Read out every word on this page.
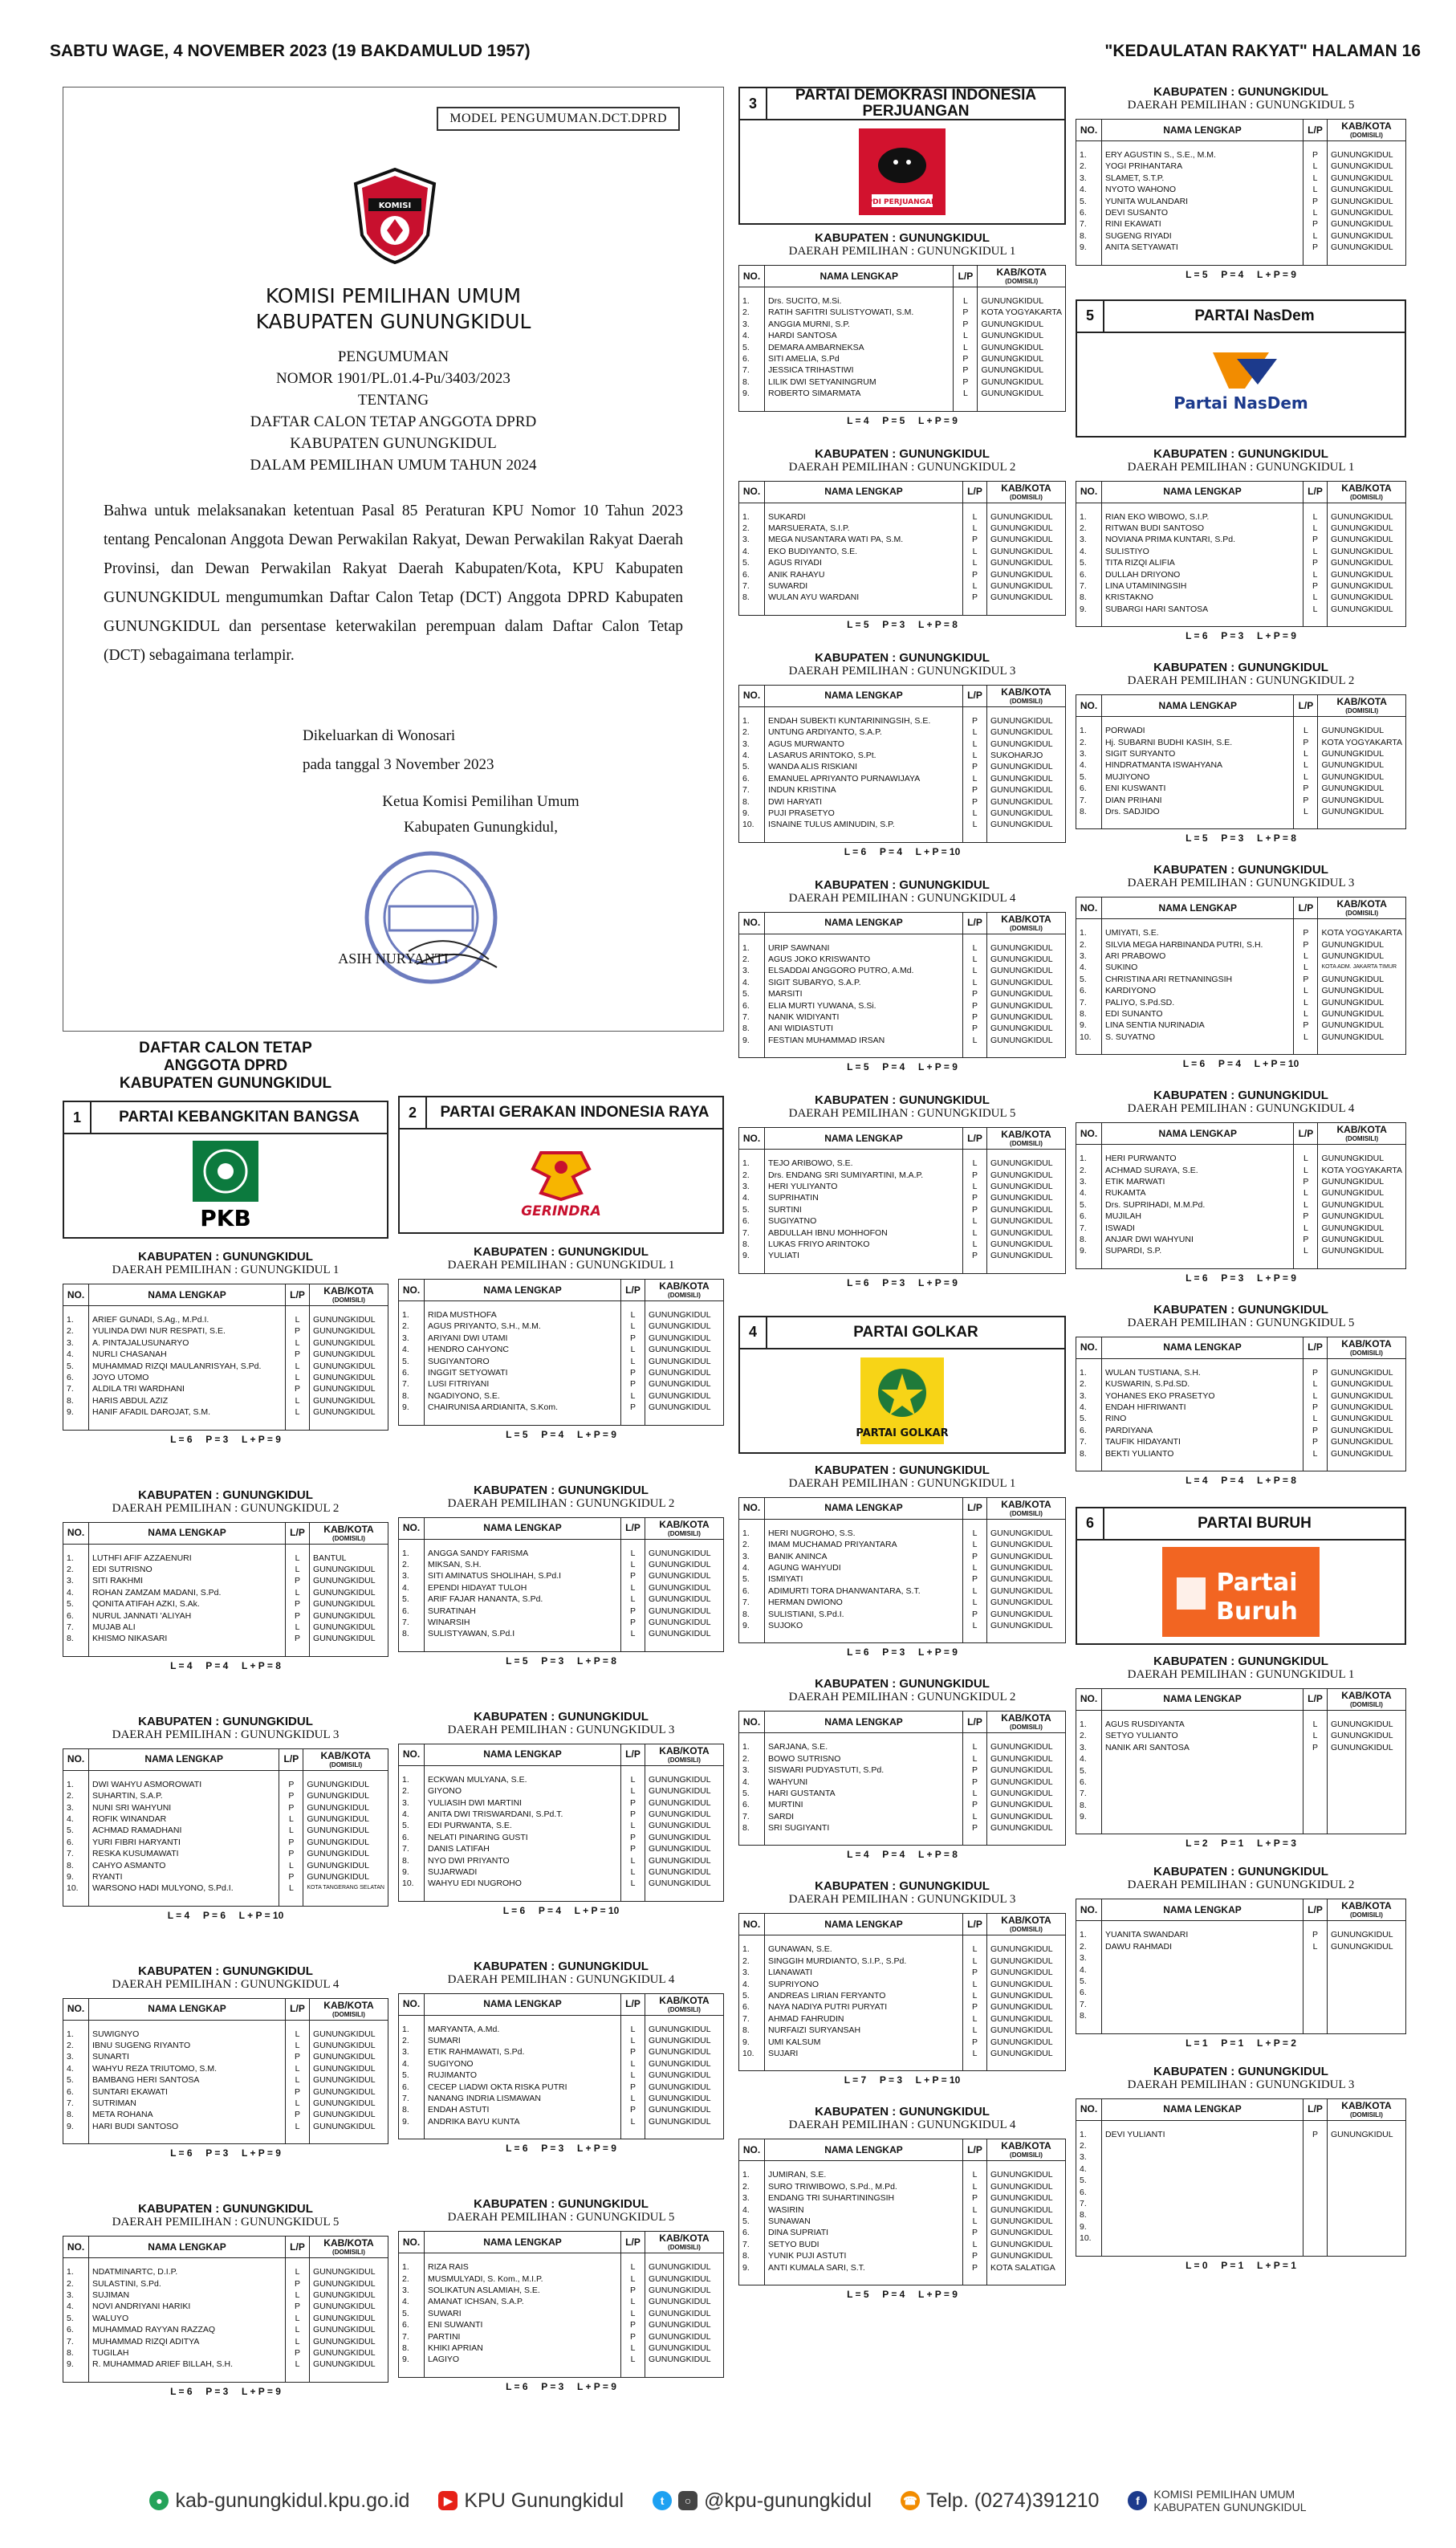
SABTU WAGE, 4 NOVEMBER 2023 (19 BAKDAMULUD 1957)	"KEDAULATAN RAKYAT" HALAMAN 16
MODEL PENGUMUMAN.DCT.DPRD
KOMISI
KOMISI PEMILIHAN UMUM
KABUPATEN GUNUNGKIDUL
PENGUMUMAN
NOMOR 1901/PL.01.4-Pu/3403/2023
TENTANG
DAFTAR CALON TETAP ANGGOTA DPRD
KABUPATEN GUNUNGKIDUL
DALAM PEMILIHAN UMUM TAHUN 2024
Bahwa untuk melaksanakan ketentuan Pasal 85 Peraturan KPU Nomor 10 Tahun 2023 tentang Pencalonan Anggota Dewan Perwakilan Rakyat, Dewan Perwakilan Rakyat Daerah Provinsi, dan Dewan Perwakilan Rakyat Daerah Kabupaten/Kota, KPU Kabupaten GUNUNGKIDUL mengumumkan Daftar Calon Tetap (DCT) Anggota DPRD Kabupaten GUNUNGKIDUL dan persentase keterwakilan perempuan dalam Daftar Calon Tetap (DCT) sebagaimana terlampir.
Dikeluarkan di Wonosari
pada tanggal 3 November 2023
Ketua Komisi Pemilihan Umum
Kabupaten Gunungkidul,
ASIH NURYANTI
DAFTAR CALON TETAP
ANGGOTA DPRD
KABUPATEN GUNUNGKIDUL
1	PARTAI KEBANGKITAN BANGSA
PKB
KABUPATEN : GUNUNGKIDUL
DAERAH PEMILIHAN : GUNUNGKIDUL 1
NO.	NAMA LENGKAP	L/P	KAB/KOTA
(DOMISILI)

1.	ARIEF GUNADI, S.Ag., M.Pd.I.	L	GUNUNGKIDUL
2.	YULINDA DWI NUR RESPATI, S.E.	P	GUNUNGKIDUL
3.	A. PINTAJALUSUNARYO	L	GUNUNGKIDUL
4.	NURLI CHASANAH	P	GUNUNGKIDUL
5.	MUHAMMAD RIZQI MAULANRISYAH, S.Pd.	L	GUNUNGKIDUL
6.	JOYO UTOMO	L	GUNUNGKIDUL
7.	ALDILA TRI WARDHANI	P	GUNUNGKIDUL
8.	HARIS ABDUL AZIZ	L	GUNUNGKIDUL
9.	HANIF AFADIL DAROJAT, S.M.	L	GUNUNGKIDUL

L = 6     P = 3     L + P = 9
KABUPATEN : GUNUNGKIDUL
DAERAH PEMILIHAN : GUNUNGKIDUL 2
NO.	NAMA LENGKAP	L/P	KAB/KOTA
(DOMISILI)

1.	LUTHFI AFIF AZZAENURI	L	BANTUL
2.	EDI SUTRISNO	L	GUNUNGKIDUL
3.	SITI RAKHMI	P	GUNUNGKIDUL
4.	ROHAN ZAMZAM MADANI, S.Pd.	L	GUNUNGKIDUL
5.	QONITA ATIFAH AZKI, S.Ak.	P	GUNUNGKIDUL
6.	NURUL JANNATI 'ALIYAH	P	GUNUNGKIDUL
7.	MUJAB ALI	L	GUNUNGKIDUL
8.	KHISMO NIKASARI	P	GUNUNGKIDUL

L = 4     P = 4     L + P = 8
KABUPATEN : GUNUNGKIDUL
DAERAH PEMILIHAN : GUNUNGKIDUL 3
NO.	NAMA LENGKAP	L/P	KAB/KOTA
(DOMISILI)

1.	DWI WAHYU ASMOROWATI	P	GUNUNGKIDUL
2.	SUHARTIN, S.A.P.	P	GUNUNGKIDUL
3.	NUNI SRI WAHYUNI	P	GUNUNGKIDUL
4.	ROFIK WINANDAR	L	GUNUNGKIDUL
5.	ACHMAD RAMADHANI	L	GUNUNGKIDUL
6.	YURI FIBRI HARYANTI	P	GUNUNGKIDUL
7.	RESKA KUSUMAWATI	P	GUNUNGKIDUL
8.	CAHYO ASMANTO	L	GUNUNGKIDUL
9.	RYANTI	P	GUNUNGKIDUL
10.	WARSONO HADI MULYONO, S.Pd.I.	L	KOTA TANGERANG SELATAN

L = 4     P = 6     L + P = 10
KABUPATEN : GUNUNGKIDUL
DAERAH PEMILIHAN : GUNUNGKIDUL 4
NO.	NAMA LENGKAP	L/P	KAB/KOTA
(DOMISILI)

1.	SUWIGNYO	L	GUNUNGKIDUL
2.	IBNU SUGENG RIYANTO	L	GUNUNGKIDUL
3.	SUNARTI	P	GUNUNGKIDUL
4.	WAHYU REZA TRIUTOMO, S.M.	L	GUNUNGKIDUL
5.	BAMBANG HERI SANTOSA	L	GUNUNGKIDUL
6.	SUNTARI EKAWATI	P	GUNUNGKIDUL
7.	SUTRIMAN	L	GUNUNGKIDUL
8.	META ROHANA	P	GUNUNGKIDUL
9.	HARI BUDI SANTOSO	L	GUNUNGKIDUL

L = 6     P = 3     L + P = 9
KABUPATEN : GUNUNGKIDUL
DAERAH PEMILIHAN : GUNUNGKIDUL 5
NO.	NAMA LENGKAP	L/P	KAB/KOTA
(DOMISILI)

1.	NDATMINARTC, D.I.P.	L	GUNUNGKIDUL
2.	SULASTINI, S.Pd.	P	GUNUNGKIDUL
3.	SUJIMAN	L	GUNUNGKIDUL
4.	NOVI ANDRIYANI HARIKI	P	GUNUNGKIDUL
5.	WALUYO	L	GUNUNGKIDUL
6.	MUHAMMAD RAYYAN RAZZAQ	L	GUNUNGKIDUL
7.	MUHAMMAD RIZQI ADITYA	L	GUNUNGKIDUL
8.	TUGILAH	P	GUNUNGKIDUL
9.	R. MUHAMMAD ARIEF BILLAH, S.H.	L	GUNUNGKIDUL

L = 6     P = 3     L + P = 9
2	PARTAI GERAKAN INDONESIA RAYA
GERINDRA
KABUPATEN : GUNUNGKIDUL
DAERAH PEMILIHAN : GUNUNGKIDUL 1
NO.	NAMA LENGKAP	L/P	KAB/KOTA
(DOMISILI)

1.	RIDA MUSTHOFA	L	GUNUNGKIDUL
2.	AGUS PRIYANTO, S.H., M.M.	L	GUNUNGKIDUL
3.	ARIYANI DWI UTAMI	P	GUNUNGKIDUL
4.	HENDRO CAHYONC	L	GUNUNGKIDUL
5.	SUGIYANTORO	L	GUNUNGKIDUL
6.	INGGIT SETYOWATI	P	GUNUNGKIDUL
7.	LUSI FITRIYANI	P	GUNUNGKIDUL
8.	NGADIYONO, S.E.	L	GUNUNGKIDUL
9.	CHAIRUNISA ARDIANITA, S.Kom.	P	GUNUNGKIDUL

L = 5     P = 4     L + P = 9
KABUPATEN : GUNUNGKIDUL
DAERAH PEMILIHAN : GUNUNGKIDUL 2
NO.	NAMA LENGKAP	L/P	KAB/KOTA
(DOMISILI)

1.	ANGGA SANDY FARISMA	L	GUNUNGKIDUL
2.	MIKSAN, S.H.	L	GUNUNGKIDUL
3.	SITI AMINATUS SHOLIHAH, S.Pd.I	P	GUNUNGKIDUL
4.	EPENDI HIDAYAT TULOH	L	GUNUNGKIDUL
5.	ARIF FAJAR HANANTA, S.Pd.	L	GUNUNGKIDUL
6.	SURATINAH	P	GUNUNGKIDUL
7.	WINARSIH	P	GUNUNGKIDUL
8.	SULISTYAWAN, S.Pd.I	L	GUNUNGKIDUL

L = 5     P = 3     L + P = 8
KABUPATEN : GUNUNGKIDUL
DAERAH PEMILIHAN : GUNUNGKIDUL 3
NO.	NAMA LENGKAP	L/P	KAB/KOTA
(DOMISILI)

1.	ECKWAN MULYANA, S.E.	L	GUNUNGKIDUL
2.	GIYONO	L	GUNUNGKIDUL
3.	YULIASIH DWI MARTINI	P	GUNUNGKIDUL
4.	ANITA DWI TRISWARDANI, S.Pd.T.	P	GUNUNGKIDUL
5.	EDI PURWANTA, S.E.	L	GUNUNGKIDUL
6.	NELATI PINARING GUSTI	P	GUNUNGKIDUL
7.	DANIS LATIFAH	P	GUNUNGKIDUL
8.	NYO DWI PRIYANTO	L	GUNUNGKIDUL
9.	SUJARWADI	L	GUNUNGKIDUL
10.	WAHYU EDI NUGROHO	L	GUNUNGKIDUL

L = 6     P = 4     L + P = 10
KABUPATEN : GUNUNGKIDUL
DAERAH PEMILIHAN : GUNUNGKIDUL 4
NO.	NAMA LENGKAP	L/P	KAB/KOTA
(DOMISILI)

1.	MARYANTA, A.Md.	L	GUNUNGKIDUL
2.	SUMARI	L	GUNUNGKIDUL
3.	ETIK RAHMAWATI, S.Pd.	P	GUNUNGKIDUL
4.	SUGIYONO	L	GUNUNGKIDUL
5.	RUJIMANTO	L	GUNUNGKIDUL
6.	CECEP LIADWI OKTA RISKA PUTRI	P	GUNUNGKIDUL
7.	NANANG INDRIA LISMAWAN	L	GUNUNGKIDUL
8.	ENDAH ASTUTI	P	GUNUNGKIDUL
9.	ANDRIKA BAYU KUNTA	L	GUNUNGKIDUL

L = 6     P = 3     L + P = 9
KABUPATEN : GUNUNGKIDUL
DAERAH PEMILIHAN : GUNUNGKIDUL 5
NO.	NAMA LENGKAP	L/P	KAB/KOTA
(DOMISILI)

1.	RIZA RAIS	L	GUNUNGKIDUL
2.	MUSMULYADI, S. Kom., M.I.P.	L	GUNUNGKIDUL
3.	SOLIKATUN ASLAMIAH, S.E.	P	GUNUNGKIDUL
4.	AMANAT ICHSAN, S.A.P.	L	GUNUNGKIDUL
5.	SUWARI	L	GUNUNGKIDUL
6.	ENI SUWANTI	P	GUNUNGKIDUL
7.	PARTINI	P	GUNUNGKIDUL
8.	KHIKI APRIAN	L	GUNUNGKIDUL
9.	LAGIYO	L	GUNUNGKIDUL

L = 6     P = 3     L + P = 9
3	PARTAI DEMOKRASI INDONESIA PERJUANGAN
PDI PERJUANGAN
KABUPATEN : GUNUNGKIDUL
DAERAH PEMILIHAN : GUNUNGKIDUL 1
NO.	NAMA LENGKAP	L/P	KAB/KOTA
(DOMISILI)

1.	Drs. SUCITO, M.Si.	L	GUNUNGKIDUL
2.	RATIH SAFITRI SULISTYOWATI, S.M.	P	KOTA YOGYAKARTA
3.	ANGGIA MURNI, S.P.	P	GUNUNGKIDUL
4.	HARDI SANTOSA	L	GUNUNGKIDUL
5.	DEMARA AMBARNEKSA	L	GUNUNGKIDUL
6.	SITI AMELIA, S.Pd	P	GUNUNGKIDUL
7.	JESSICA TRIHASTIWI	P	GUNUNGKIDUL
8.	LILIK DWI SETYANINGRUM	P	GUNUNGKIDUL
9.	ROBERTO SIMARMATA	L	GUNUNGKIDUL

L = 4     P = 5     L + P = 9
KABUPATEN : GUNUNGKIDUL
DAERAH PEMILIHAN : GUNUNGKIDUL 2
NO.	NAMA LENGKAP	L/P	KAB/KOTA
(DOMISILI)

1.	SUKARDI	L	GUNUNGKIDUL
2.	MARSUERATA, S.I.P.	L	GUNUNGKIDUL
3.	MEGA NUSANTARA WATI PA, S.M.	P	GUNUNGKIDUL
4.	EKO BUDIYANTO, S.E.	L	GUNUNGKIDUL
5.	AGUS RIYADI	L	GUNUNGKIDUL
6.	ANIK RAHAYU	P	GUNUNGKIDUL
7.	SUWARDI	L	GUNUNGKIDUL
8.	WULAN AYU WARDANI	P	GUNUNGKIDUL

L = 5     P = 3     L + P = 8
KABUPATEN : GUNUNGKIDUL
DAERAH PEMILIHAN : GUNUNGKIDUL 3
NO.	NAMA LENGKAP	L/P	KAB/KOTA
(DOMISILI)

1.	ENDAH SUBEKTI KUNTARININGSIH, S.E.	P	GUNUNGKIDUL
2.	UNTUNG ARDIYANTO, S.A.P.	L	GUNUNGKIDUL
3.	AGUS MURWANTO	L	GUNUNGKIDUL
4.	LASARUS ARINTOKO, S.Pt.	L	SUKOHARJO
5.	WANDA ALIS RISKIANI	P	GUNUNGKIDUL
6.	EMANUEL APRIYANTO PURNAWIJAYA	L	GUNUNGKIDUL
7.	INDUN KRISTINA	P	GUNUNGKIDUL
8.	DWI HARYATI	P	GUNUNGKIDUL
9.	PUJI PRASETYO	L	GUNUNGKIDUL
10.	ISNAINE TULUS AMINUDIN, S.P.	L	GUNUNGKIDUL

L = 6     P = 4     L + P = 10
KABUPATEN : GUNUNGKIDUL
DAERAH PEMILIHAN : GUNUNGKIDUL 4
NO.	NAMA LENGKAP	L/P	KAB/KOTA
(DOMISILI)

1.	URIP SAWNANI	L	GUNUNGKIDUL
2.	AGUS JOKO KRISWANTO	L	GUNUNGKIDUL
3.	ELSADDAI ANGGORO PUTRO, A.Md.	L	GUNUNGKIDUL
4.	SIGIT SUBARYO, S.A.P.	L	GUNUNGKIDUL
5.	MARSITI	P	GUNUNGKIDUL
6.	ELIA MURTI YUWANA, S.Si.	P	GUNUNGKIDUL
7.	NANIK WIDIYANTI	P	GUNUNGKIDUL
8.	ANI WIDIASTUTI	P	GUNUNGKIDUL
9.	FESTIAN MUHAMMAD IRSAN	L	GUNUNGKIDUL

L = 5     P = 4     L + P = 9
KABUPATEN : GUNUNGKIDUL
DAERAH PEMILIHAN : GUNUNGKIDUL 5
NO.	NAMA LENGKAP	L/P	KAB/KOTA
(DOMISILI)

1.	TEJO ARIBOWO, S.E.	L	GUNUNGKIDUL
2.	Drs. ENDANG SRI SUMIYARTINI, M.A.P.	P	GUNUNGKIDUL
3.	HERI YULIYANTO	L	GUNUNGKIDUL
4.	SUPRIHATIN	P	GUNUNGKIDUL
5.	SURTINI	P	GUNUNGKIDUL
6.	SUGIYATNO	L	GUNUNGKIDUL
7.	ABDULLAH IBNU MOHHOFON	L	GUNUNGKIDUL
8.	LUKAS FRIYO ARINTOKO	L	GUNUNGKIDUL
9.	YULIATI	P	GUNUNGKIDUL

L = 6     P = 3     L + P = 9
4	PARTAI GOLKAR
PARTAI GOLKAR
KABUPATEN : GUNUNGKIDUL
DAERAH PEMILIHAN : GUNUNGKIDUL 1
NO.	NAMA LENGKAP	L/P	KAB/KOTA
(DOMISILI)

1.	HERI NUGROHO, S.S.	L	GUNUNGKIDUL
2.	IMAM MUCHAMAD PRIYANTARA	L	GUNUNGKIDUL
3.	BANIK ANINCA	P	GUNUNGKIDUL
4.	AGUNG WAHYUDI	L	GUNUNGKIDUL
5.	ISMIYATI	P	GUNUNGKIDUL
6.	ADIMURTI TORA DHANWANTARA, S.T.	L	GUNUNGKIDUL
7.	HERMAN DWIONO	L	GUNUNGKIDUL
8.	SULISTIANI, S.Pd.I.	P	GUNUNGKIDUL
9.	SUJOKO	L	GUNUNGKIDUL

L = 6     P = 3     L + P = 9
KABUPATEN : GUNUNGKIDUL
DAERAH PEMILIHAN : GUNUNGKIDUL 2
NO.	NAMA LENGKAP	L/P	KAB/KOTA
(DOMISILI)

1.	SARJANA, S.E.	L	GUNUNGKIDUL
2.	BOWO SUTRISNO	L	GUNUNGKIDUL
3.	SISWARI PUDYASTUTI, S.Pd.	P	GUNUNGKIDUL
4.	WAHYUNI	P	GUNUNGKIDUL
5.	HARI GUSTANTA	L	GUNUNGKIDUL
6.	MURTINI	P	GUNUNGKIDUL
7.	SARDI	L	GUNUNGKIDUL
8.	SRI SUGIYANTI	P	GUNUNGKIDUL

L = 4     P = 4     L + P = 8
KABUPATEN : GUNUNGKIDUL
DAERAH PEMILIHAN : GUNUNGKIDUL 3
NO.	NAMA LENGKAP	L/P	KAB/KOTA
(DOMISILI)

1.	GUNAWAN, S.E.	L	GUNUNGKIDUL
2.	SINGGIH MURDIANTO, S.I.P., S.Pd.	L	GUNUNGKIDUL
3.	LIANAWATI	P	GUNUNGKIDUL
4.	SUPRIYONO	L	GUNUNGKIDUL
5.	ANDREAS LIRIAN FERYANTO	L	GUNUNGKIDUL
6.	NAYA NADIYA PUTRI PURYATI	P	GUNUNGKIDUL
7.	AHMAD FAHRUDIN	L	GUNUNGKIDUL
8.	NURFAIZI SURYANSAH	L	GUNUNGKIDUL
9.	UMI KALSUM	P	GUNUNGKIDUL
10.	SUJARI	L	GUNUNGKIDUL

L = 7     P = 3     L + P = 10
KABUPATEN : GUNUNGKIDUL
DAERAH PEMILIHAN : GUNUNGKIDUL 4
NO.	NAMA LENGKAP	L/P	KAB/KOTA
(DOMISILI)

1.	JUMIRAN, S.E.	L	GUNUNGKIDUL
2.	SURO TRIWIBOWO, S.Pd., M.Pd.	L	GUNUNGKIDUL
3.	ENDANG TRI SUHARTININGSIH	P	GUNUNGKIDUL
4.	WASIRIN	L	GUNUNGKIDUL
5.	SUNAWAN	L	GUNUNGKIDUL
6.	DINA SUPRIATI	P	GUNUNGKIDUL
7.	SETYO BUDI	L	GUNUNGKIDUL
8.	YUNIK PUJI ASTUTI	P	GUNUNGKIDUL
9.	ANTI KUMALA SARI, S.T.	P	KOTA SALATIGA

L = 5     P = 4     L + P = 9
KABUPATEN : GUNUNGKIDUL
DAERAH PEMILIHAN : GUNUNGKIDUL 5
NO.	NAMA LENGKAP	L/P	KAB/KOTA
(DOMISILI)

1.	ERY AGUSTIN S., S.E., M.M.	P	GUNUNGKIDUL
2.	YOGI PRIHANTARA	L	GUNUNGKIDUL
3.	SLAMET, S.T.P.	L	GUNUNGKIDUL
4.	NYOTO WAHONO	L	GUNUNGKIDUL
5.	YUNITA WULANDARI	P	GUNUNGKIDUL
6.	DEVI SUSANTO	L	GUNUNGKIDUL
7.	RINI EKAWATI	P	GUNUNGKIDUL
8.	SUGENG RIYADI	L	GUNUNGKIDUL
9.	ANITA SETYAWATI	P	GUNUNGKIDUL

L = 5     P = 4     L + P = 9
5	PARTAI NasDem
Partai NasDem
KABUPATEN : GUNUNGKIDUL
DAERAH PEMILIHAN : GUNUNGKIDUL 1
NO.	NAMA LENGKAP	L/P	KAB/KOTA
(DOMISILI)

1.	RIAN EKO WIBOWO, S.I.P.	L	GUNUNGKIDUL
2.	RITWAN BUDI SANTOSO	L	GUNUNGKIDUL
3.	NOVIANA PRIMA KUNTARI, S.Pd.	P	GUNUNGKIDUL
4.	SULISTIYO	L	GUNUNGKIDUL
5.	TITA RIZQI ALIFIA	P	GUNUNGKIDUL
6.	DULLAH DRIYONO	L	GUNUNGKIDUL
7.	LINA UTAMININGSIH	P	GUNUNGKIDUL
8.	KRISTAKNO	L	GUNUNGKIDUL
9.	SUBARGI HARI SANTOSA	L	GUNUNGKIDUL

L = 6     P = 3     L + P = 9
KABUPATEN : GUNUNGKIDUL
DAERAH PEMILIHAN : GUNUNGKIDUL 2
NO.	NAMA LENGKAP	L/P	KAB/KOTA
(DOMISILI)

1.	PORWADI	L	GUNUNGKIDUL
2.	Hj. SUBARNI BUDHI KASIH, S.E.	P	KOTA YOGYAKARTA
3.	SIGIT SURYANTO	L	GUNUNGKIDUL
4.	HINDRATMANTA ISWAHYANA	L	GUNUNGKIDUL
5.	MUJIYONO	L	GUNUNGKIDUL
6.	ENI KUSWANTI	P	GUNUNGKIDUL
7.	DIAN PRIHANI	P	GUNUNGKIDUL
8.	Drs. SADJIDO	L	GUNUNGKIDUL

L = 5     P = 3     L + P = 8
KABUPATEN : GUNUNGKIDUL
DAERAH PEMILIHAN : GUNUNGKIDUL 3
NO.	NAMA LENGKAP	L/P	KAB/KOTA
(DOMISILI)

1.	UMIYATI, S.E.	P	KOTA YOGYAKARTA
2.	SILVIA MEGA HARBINANDA PUTRI, S.H.	P	GUNUNGKIDUL
3.	ARI PRABOWO	L	GUNUNGKIDUL
4.	SUKINO	L	KOTA ADM. JAKARTA TIMUR
5.	CHRISTINA ARI RETNANINGSIH	P	GUNUNGKIDUL
6.	KARDIYONO	L	GUNUNGKIDUL
7.	PALIYO, S.Pd.SD.	L	GUNUNGKIDUL
8.	EDI SUNANTO	L	GUNUNGKIDUL
9.	LINA SENTIA NURINADIA	P	GUNUNGKIDUL
10.	S. SUYATNO	L	GUNUNGKIDUL

L = 6     P = 4     L + P = 10
KABUPATEN : GUNUNGKIDUL
DAERAH PEMILIHAN : GUNUNGKIDUL 4
NO.	NAMA LENGKAP	L/P	KAB/KOTA
(DOMISILI)

1.	HERI PURWANTO	L	GUNUNGKIDUL
2.	ACHMAD SURAYA, S.E.	L	KOTA YOGYAKARTA
3.	ETIK MARWATI	P	GUNUNGKIDUL
4.	RUKAMTA	L	GUNUNGKIDUL
5.	Drs. SUPRIHADI, M.M.Pd.	L	GUNUNGKIDUL
6.	MUJILAH	P	GUNUNGKIDUL
7.	ISWADI	L	GUNUNGKIDUL
8.	ANJAR DWI WAHYUNI	P	GUNUNGKIDUL
9.	SUPARDI, S.P.	L	GUNUNGKIDUL

L = 6     P = 3     L + P = 9
KABUPATEN : GUNUNGKIDUL
DAERAH PEMILIHAN : GUNUNGKIDUL 5
NO.	NAMA LENGKAP	L/P	KAB/KOTA
(DOMISILI)

1.	WULAN TUSTIANA, S.H.	P	GUNUNGKIDUL
2.	KUSWARIN, S.Pd.SD.	L	GUNUNGKIDUL
3.	YOHANES EKO PRASETYO	L	GUNUNGKIDUL
4.	ENDAH HIFRIWANTI	P	GUNUNGKIDUL
5.	RINO	L	GUNUNGKIDUL
6.	PARDIYANA	P	GUNUNGKIDUL
7.	TAUFIK HIDAYANTI	P	GUNUNGKIDUL
8.	BEKTI YULIANTO	L	GUNUNGKIDUL

L = 4     P = 4     L + P = 8
6	PARTAI BURUH
Partai
Buruh
KABUPATEN : GUNUNGKIDUL
DAERAH PEMILIHAN : GUNUNGKIDUL 1
NO.	NAMA LENGKAP	L/P	KAB/KOTA
(DOMISILI)

1.	AGUS RUSDIYANTA	L	GUNUNGKIDUL
2.	SETYO YULIANTO	L	GUNUNGKIDUL
3.	NANIK ARI SANTOSA	P	GUNUNGKIDUL
4.			
5.			
6.			
7.			
8.			
9.			

L = 2     P = 1     L + P = 3
KABUPATEN : GUNUNGKIDUL
DAERAH PEMILIHAN : GUNUNGKIDUL 2
NO.	NAMA LENGKAP	L/P	KAB/KOTA
(DOMISILI)

1.	YUANITA SWANDARI	P	GUNUNGKIDUL
2.	DAWU RAHMADI	L	GUNUNGKIDUL
3.			
4.			
5.			
6.			
7.			
8.			

L = 1     P = 1     L + P = 2
KABUPATEN : GUNUNGKIDUL
DAERAH PEMILIHAN : GUNUNGKIDUL 3
NO.	NAMA LENGKAP	L/P	KAB/KOTA
(DOMISILI)

1.	DEVI YULIANTI	P	GUNUNGKIDUL
2.			
3.			
4.			
5.			
6.			
7.			
8.			
9.			
10.			

L = 0     P = 1     L + P = 1
● kab-gunungkidul.kpu.go.id	▶ KPU Gunungkidul	t	○ @kpu-gunungkidul	☎ Telp. (0274)391210	f	KOMISI PEMILIHAN UMUM
KABUPATEN GUNUNGKIDUL
